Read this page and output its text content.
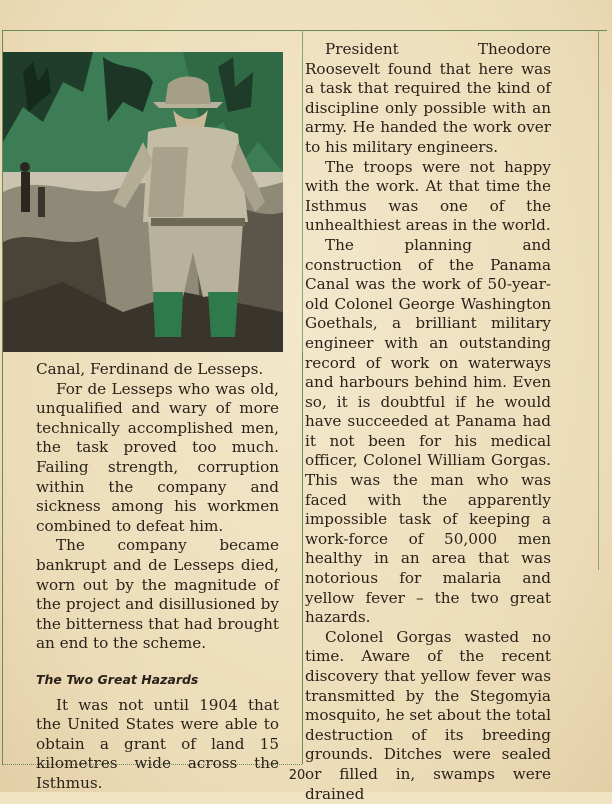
Canal, Ferdinand de Lesseps.

For de Lesseps who was old, unqualified and wary of more technically accomplished men, the task proved too much. Failing strength, corruption within the company and sickness among his workmen combined to defeat him.

The company became bankrupt and de Lesseps died, worn out by the magnitude of the project and disillusioned by the bitterness that had brought an end to the scheme.

The Two Great Hazards

It was not until 1904 that the United States were able to obtain a grant of land 15 kilometres wide across the Isthmus.

President Theodore Roosevelt found that here was a task that required the kind of discipline only possible with an army. He handed the work over to his military engineers.

The troops were not happy with the work. At that time the Isthmus was one of the unhealthiest areas in the world.

The planning and construction of the Panama Canal was the work of 50-year-old Colonel George Washington Goethals, a brilliant military engineer with an outstanding record of work on waterways and harbours behind him. Even so, it is doubtful if he would have succeeded at Panama had it not been for his medical officer, Colonel William Gorgas. This was the man who was faced with the apparently impossible task of keeping a work-force of 50,000 men healthy in an area that was notorious for malaria and yellow fever – the two great hazards.

Colonel Gorgas wasted no time. Aware of the recent discovery that yellow fever was transmitted by the Stegomyia mosquito, he set about the total destruction of its breeding grounds. Ditches were sealed or filled in, swamps were drained

20
